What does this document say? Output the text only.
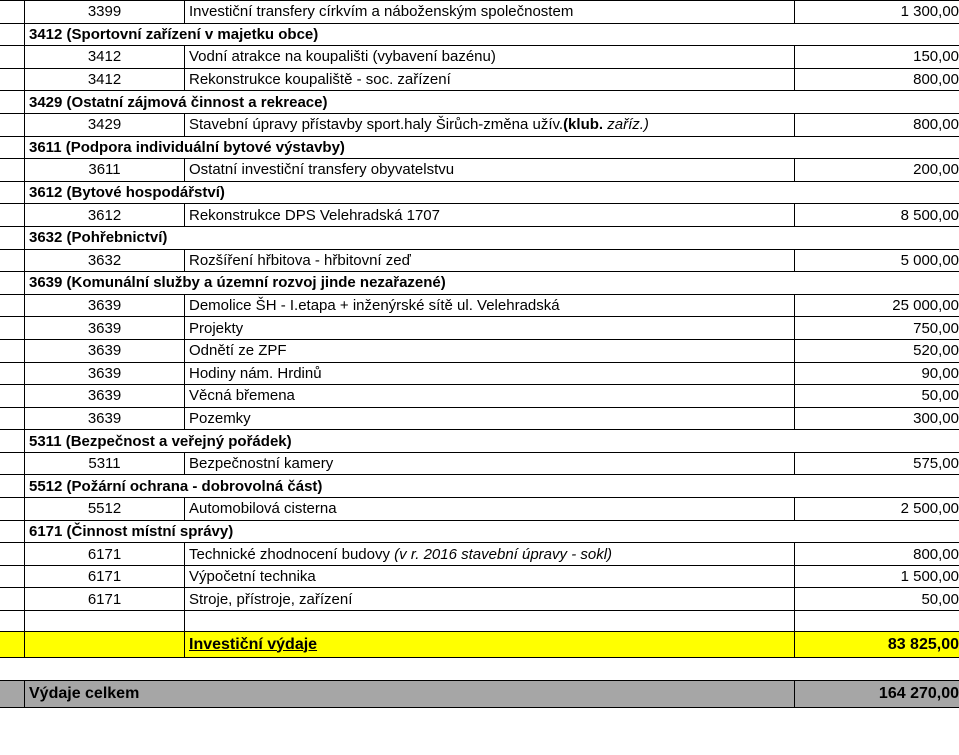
	3399	Investiční transfery církvím a náboženským společnostem	1 300,00
	3412 (Sportovní zařízení v majetku obce)		
	3412	Vodní atrakce na koupališti (vybavení bazénu)	150,00
	3412	Rekonstrukce koupaliště - soc. zařízení	800,00
	3429 (Ostatní zájmová činnost a rekreace)		
	3429	Stavební úpravy přístavby sport.haly Širůch-změna užív.(klub. zaříz.)	800,00
	3611 (Podpora individuální bytové výstavby)		
	3611	Ostatní investiční transfery obyvatelstvu	200,00
	3612 (Bytové hospodářství)		
	3612	Rekonstrukce DPS Velehradská 1707	8 500,00
	3632 (Pohřebnictví)		
	3632	Rozšíření hřbitova - hřbitovní zeď	5 000,00
	3639 (Komunální služby a územní rozvoj jinde nezařazené)		
	3639	Demolice ŠH - I.etapa + inženýrské sítě ul. Velehradská	25 000,00
	3639	Projekty	750,00
	3639	Odnětí ze ZPF	520,00
	3639	Hodiny nám. Hrdinů	90,00
	3639	Věcná břemena	50,00
	3639	Pozemky	300,00
	5311 (Bezpečnost a veřejný pořádek)		
	5311	Bezpečnostní kamery	575,00
	5512 (Požární ochrana - dobrovolná část)		
	5512	Automobilová cisterna	2 500,00
	6171 (Činnost místní správy)		
	6171	Technické zhodnocení budovy (v r. 2016 stavební úpravy - sokl)	800,00
	6171	Výpočetní technika	1 500,00
	6171	Stroje, přístroje, zařízení	50,00

		Investiční výdaje	83 825,00

	Výdaje celkem		164 270,00
